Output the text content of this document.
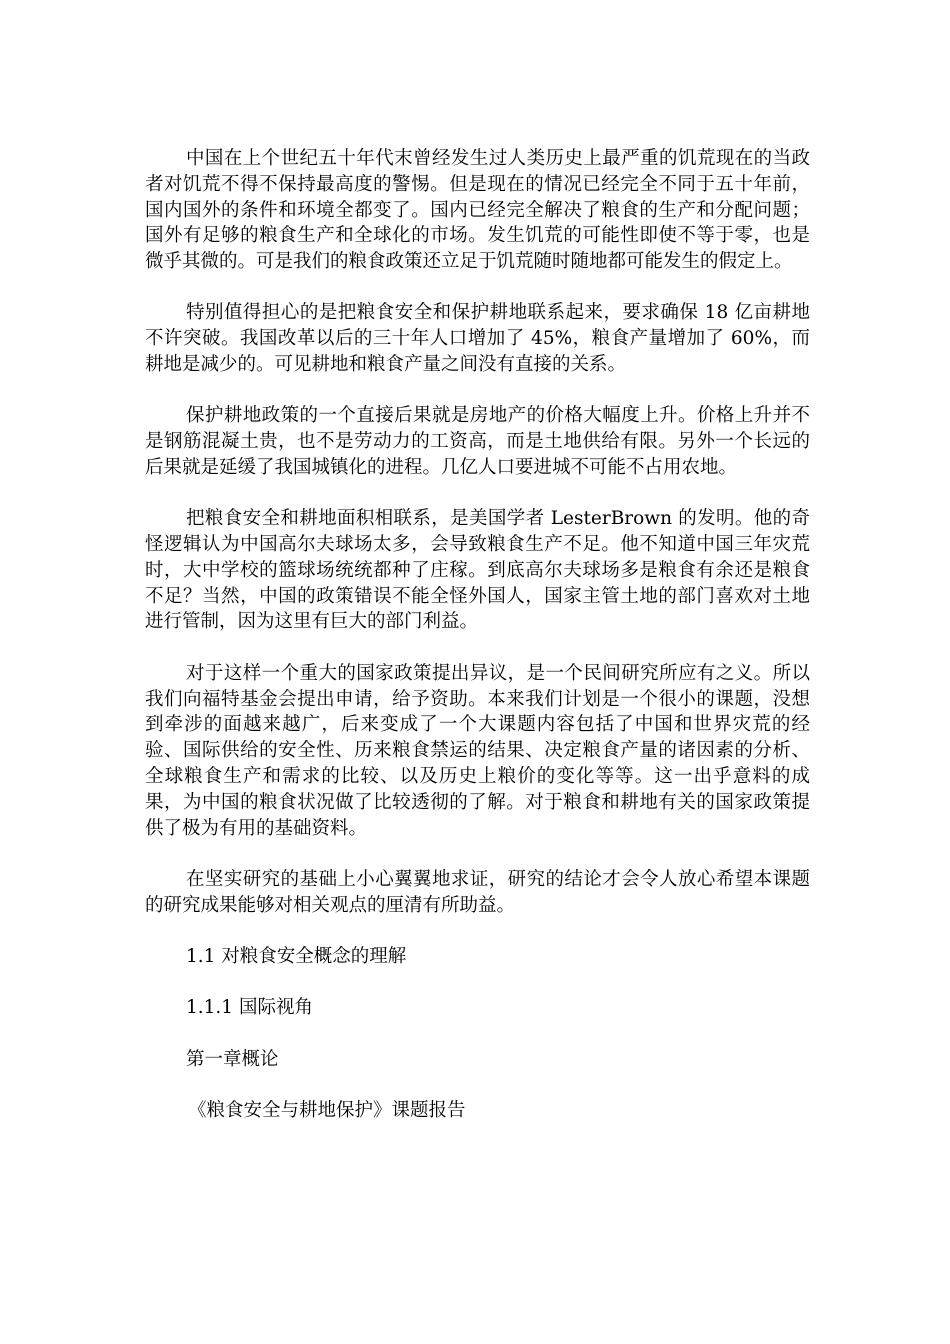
中国在上个世纪五十年代末曾经发生过人类历史上最严重的饥荒现在的当政者对饥荒不得不保持最高度的警惕。但是现在的情况已经完全不同于五十年前，国内国外的条件和环境全都变了。国内已经完全解决了粮食的生产和分配问题；国外有足够的粮食生产和全球化的市场。发生饥荒的可能性即使不等于零，也是微乎其微的。可是我们的粮食政策还立足于饥荒随时随地都可能发生的假定上。

特别值得担心的是把粮食安全和保护耕地联系起来，要求确保 18 亿亩耕地不许突破。我国改革以后的三十年人口增加了 45%，粮食产量增加了 60%，而耕地是减少的。可见耕地和粮食产量之间没有直接的关系。

保护耕地政策的一个直接后果就是房地产的价格大幅度上升。价格上升并不是钢筋混凝土贵，也不是劳动力的工资高，而是土地供给有限。另外一个长远的后果就是延缓了我国城镇化的进程。几亿人口要进城不可能不占用农地。

把粮食安全和耕地面积相联系，是美国学者 LesterBrown 的发明。他的奇怪逻辑认为中国高尔夫球场太多，会导致粮食生产不足。他不知道中国三年灾荒时，大中学校的篮球场统统都种了庄稼。到底高尔夫球场多是粮食有余还是粮食不足？当然，中国的政策错误不能全怪外国人，国家主管土地的部门喜欢对土地进行管制，因为这里有巨大的部门利益。

对于这样一个重大的国家政策提出异议，是一个民间研究所应有之义。所以我们向福特基金会提出申请，给予资助。本来我们计划是一个很小的课题，没想到牵涉的面越来越广，后来变成了一个大课题内容包括了中国和世界灾荒的经验、国际供给的安全性、历来粮食禁运的结果、决定粮食产量的诸因素的分析、全球粮食生产和需求的比较、以及历史上粮价的变化等等。这一出乎意料的成果，为中国的粮食状况做了比较透彻的了解。对于粮食和耕地有关的国家政策提供了极为有用的基础资料。

在坚实研究的基础上小心翼翼地求证，研究的结论才会令人放心希望本课题的研究成果能够对相关观点的厘清有所助益。

1.1 对粮食安全概念的理解
1.1.1 国际视角
第一章概论
《粮食安全与耕地保护》课题报告
